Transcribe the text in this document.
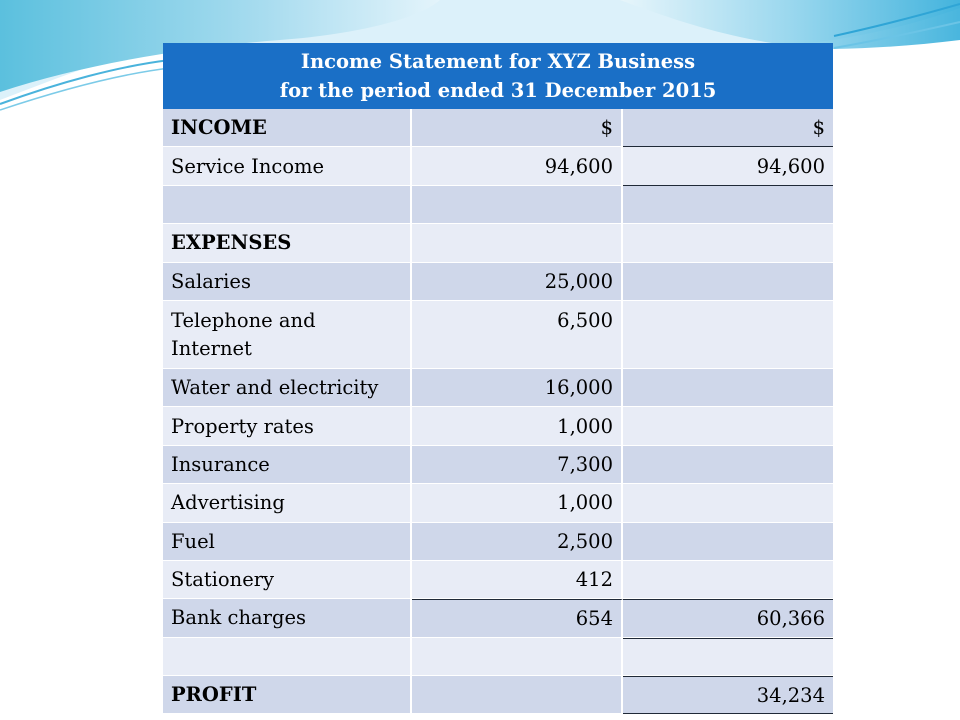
Income Statement for XYZ Business
for the period ended 31 December 2015		
INCOME	$	$
Service Income	94,600	94,600

EXPENSES		
Salaries	25,000	
Telephone and Internet	6,500	
Water and electricity	16,000	
Property rates	1,000	
Insurance	7,300	
Advertising	1,000	
Fuel	2,500	
Stationery	412	
Bank charges	654	60,366

PROFIT		34,234
